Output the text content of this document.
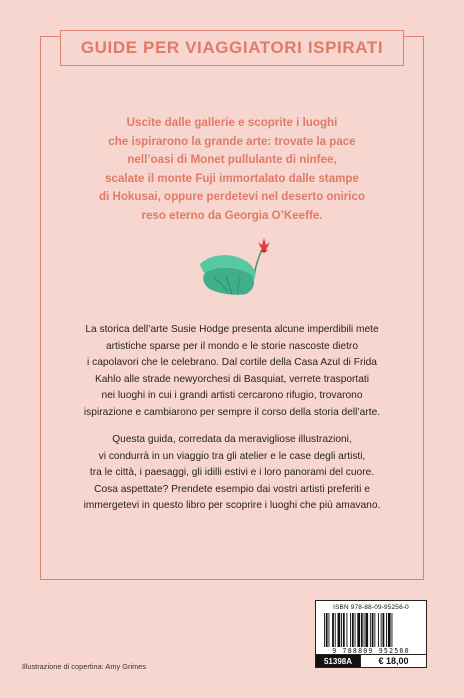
GUIDE PER VIAGGIATORI ISPIRATI

Uscite dalle gallerie e scoprite i luoghi

che ispirarono la grande arte: trovate la pace

nell’oasi di Monet pullulante di ninfee,

scalate il monte Fuji immortalato dalle stampe

di Hokusai, oppure perdetevi nel deserto onirico

reso eterno da Georgia O’Keeffe.

La storica dell’arte Susie Hodge presenta alcune imperdibili mete

artistiche sparse per il mondo e le storie nascoste dietro

i capolavori che le celebrano. Dal cortile della Casa Azul di Frida

Kahlo alle strade newyorchesi di Basquiat, verrete trasportati

nei luoghi in cui i grandi artisti cercarono rifugio, trovarono

ispirazione e cambiarono per sempre il corso della storia dell’arte.

Questa guida, corredata da meravigliose illustrazioni,

vi condurrà in un viaggio tra gli atelier e le case degli artisti,

tra le città, i paesaggi, gli idilli estivi e i loro panorami del cuore.

Cosa aspettate? Prendete esempio dai vostri artisti preferiti e

immergetevi in questo libro per scoprire i luoghi che più amavano.

Illustrazione di copertina: Amy Grimes
ISBN 978-88-09-95256-0
9 788809 952560
51398A	€ 18,00
